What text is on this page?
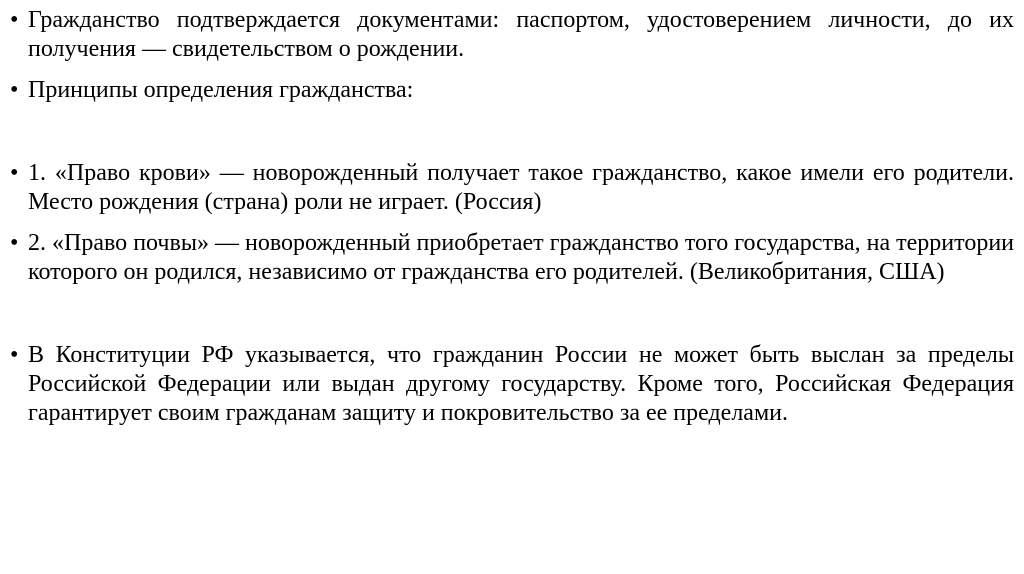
• Гражданство подтверждается документами: паспортом, удостоверением личности, до их получения — свидетельством о рождении.
• Принципы определения гражданства:
• 1. «Право крови» — новорожденный получает такое гражданство, какое имели его родители. Место рождения (страна) роли не играет. (Россия)
• 2. «Право почвы» — новорожденный приобретает гражданство того государства, на территории которого он родился, независимо от гражданства его родителей. (Великобритания, США)
• В Конституции РФ указывается, что гражданин России не может быть выслан за пределы Российской Федерации или выдан другому государству. Кроме того, Российская Федерация гарантирует своим гражданам защиту и покровительство за ее пределами.
